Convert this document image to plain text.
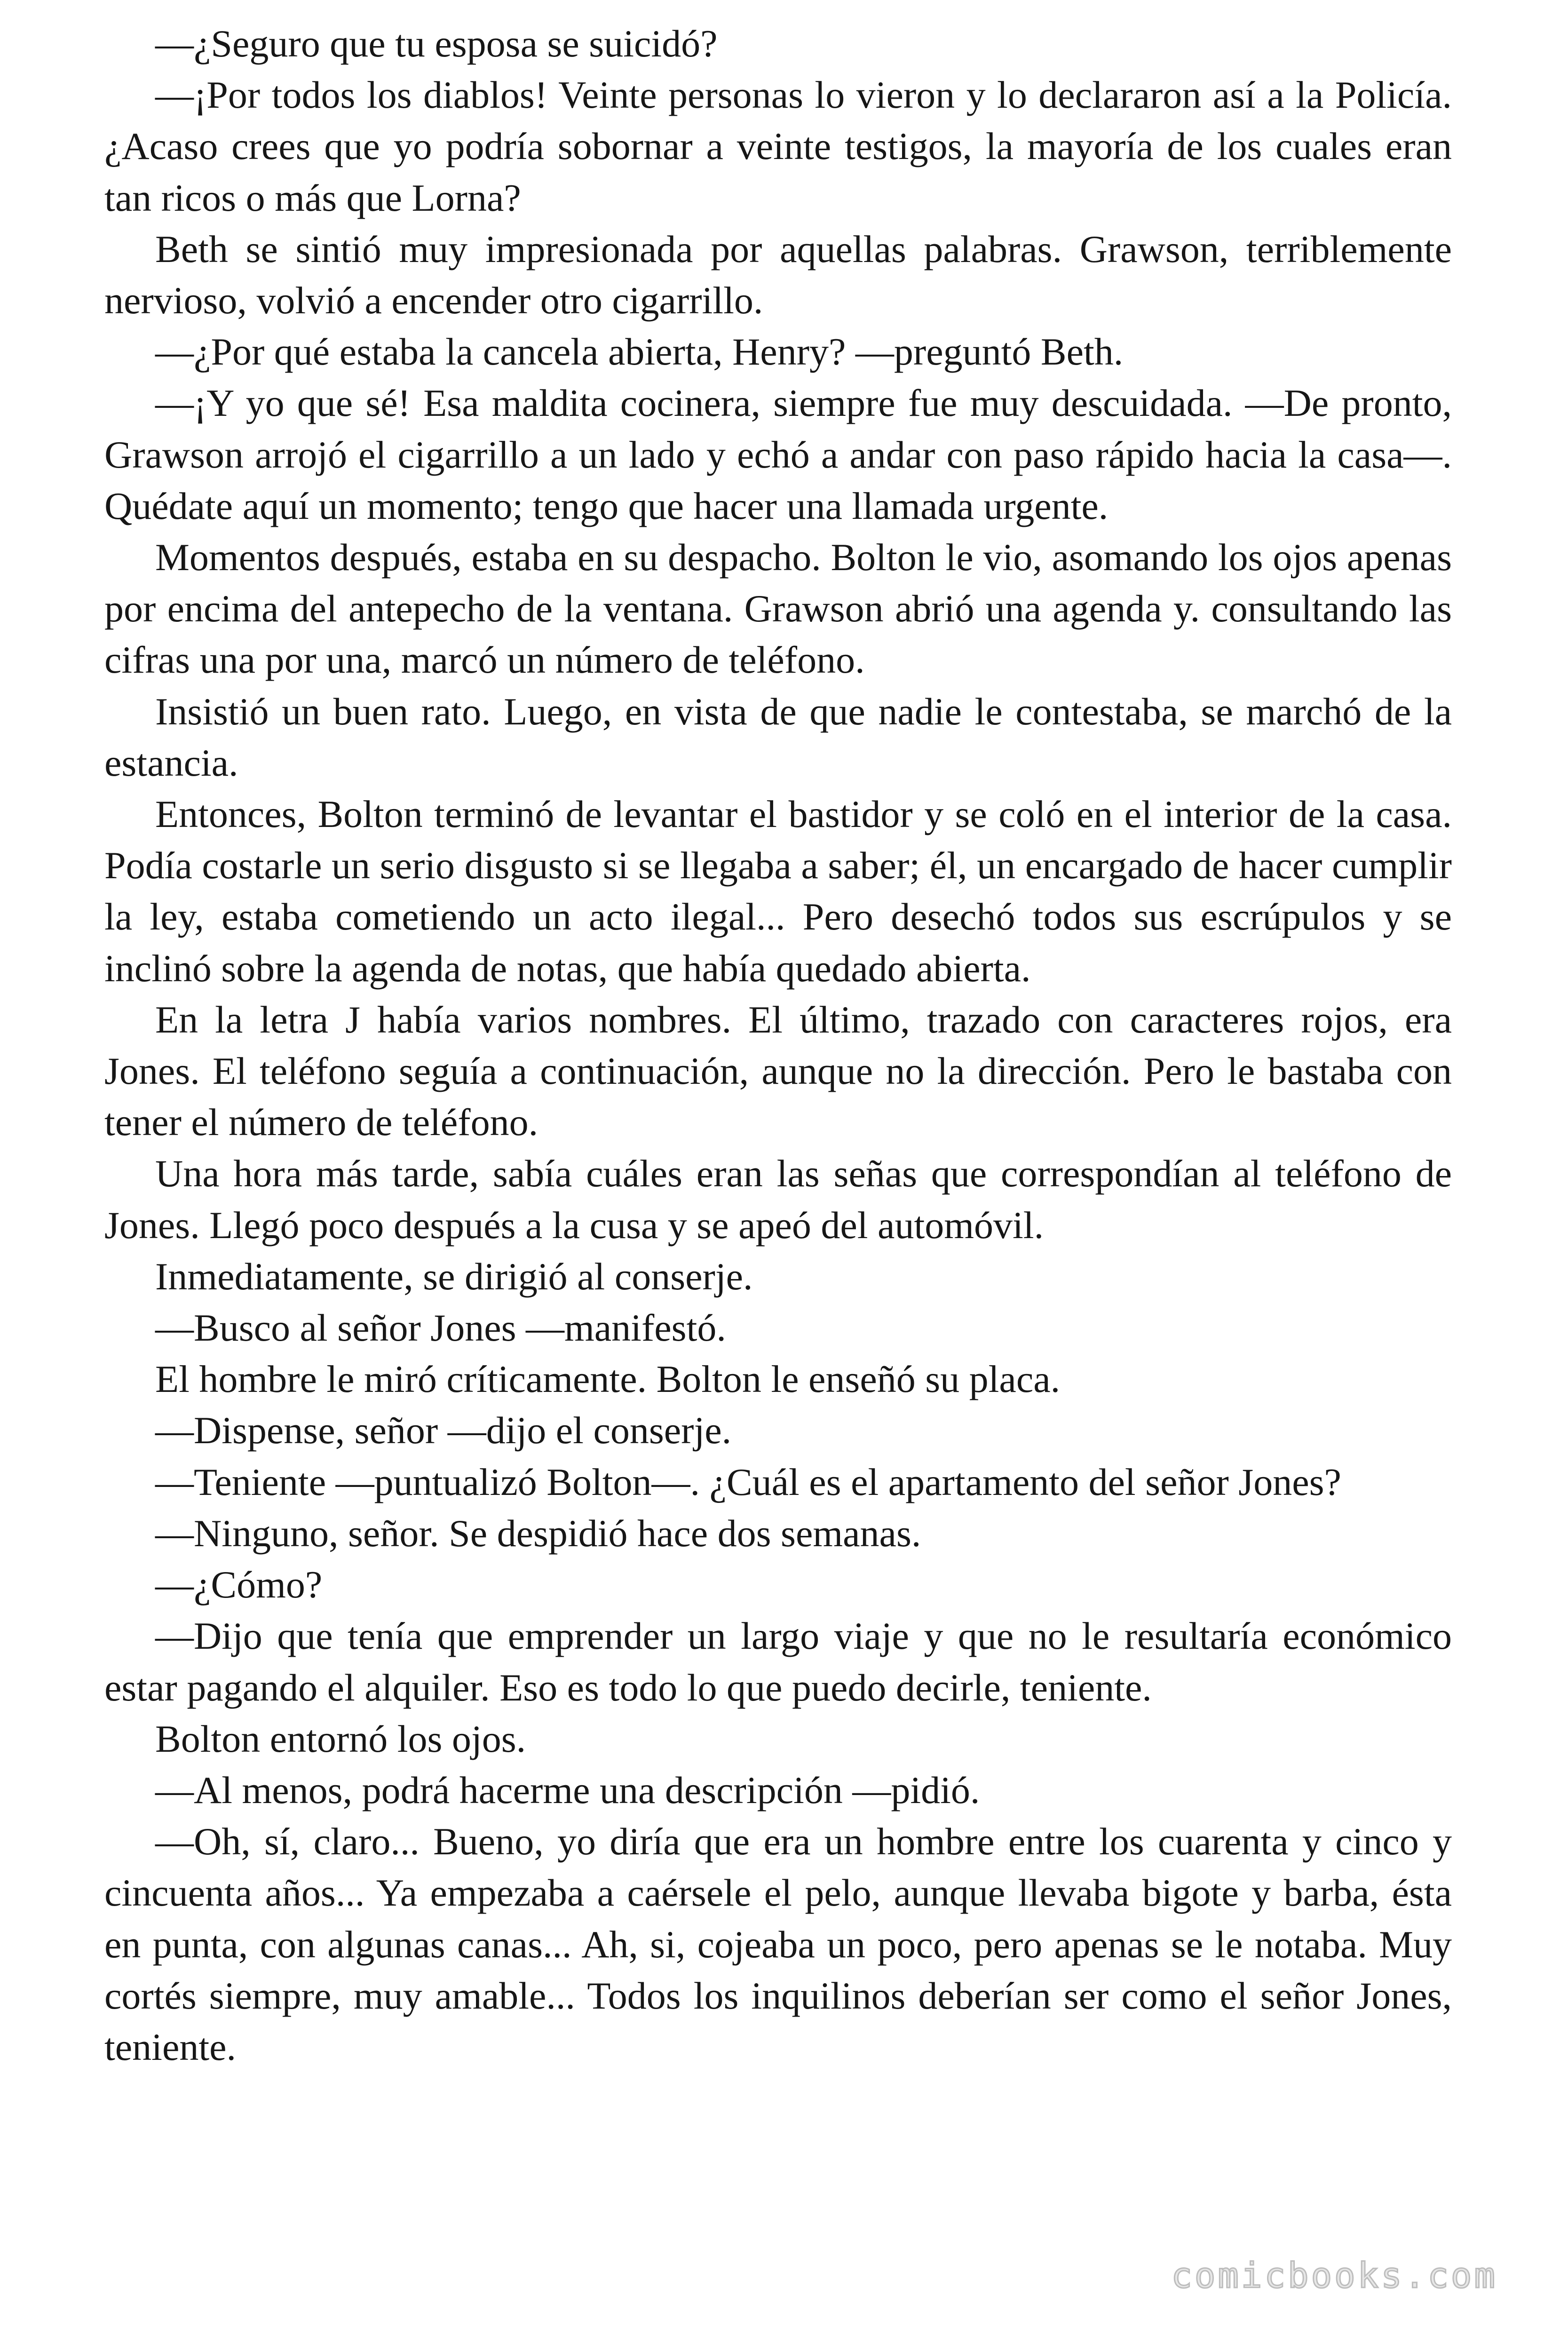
—¿Seguro que tu esposa se suicidó?

—¡Por todos los diablos! Veinte personas lo vieron y lo declararon así a la Policía. ¿Acaso crees que yo podría sobornar a veinte testigos, la mayoría de los cuales eran tan ricos o más que Lorna?

Beth se sintió muy impresionada por aquellas palabras. Grawson, terriblemente nervioso, volvió a encender otro cigarrillo.

—¿Por qué estaba la cancela abierta, Henry? —preguntó Beth.

—¡Y yo que sé! Esa maldita cocinera, siempre fue muy descuidada. —De pronto, Grawson arrojó el cigarrillo a un lado y echó a andar con paso rápido hacia la casa—. Quédate aquí un momento; tengo que hacer una llamada urgente.

Momentos después, estaba en su despacho. Bolton le vio, asomando los ojos apenas por encima del antepecho de la ventana. Grawson abrió una agenda y. consultando las cifras una por una, marcó un número de teléfono.

Insistió un buen rato. Luego, en vista de que nadie le contestaba, se marchó de la estancia.

Entonces, Bolton terminó de levantar el bastidor y se coló en el interior de la casa. Podía costarle un serio disgusto si se llegaba a saber; él, un encargado de hacer cumplir la ley, estaba cometiendo un acto ilegal... Pero desechó todos sus escrúpulos y se inclinó sobre la agenda de notas, que había quedado abierta.

En la letra J había varios nombres. El último, trazado con caracteres rojos, era Jones. El teléfono seguía a continuación, aunque no la dirección. Pero le bastaba con tener el número de teléfono.

Una hora más tarde, sabía cuáles eran las señas que correspondían al teléfono de Jones. Llegó poco después a la cusa y se apeó del automóvil.

Inmediatamente, se dirigió al conserje.

—Busco al señor Jones —manifestó.

El hombre le miró críticamente. Bolton le enseñó su placa.

—Dispense, señor —dijo el conserje.

—Teniente —puntualizó Bolton—. ¿Cuál es el apartamento del señor Jones?

—Ninguno, señor. Se despidió hace dos semanas.

—¿Cómo?

—Dijo que tenía que emprender un largo viaje y que no le resultaría económico estar pagando el alquiler. Eso es todo lo que puedo decirle, teniente.

Bolton entornó los ojos.

—Al menos, podrá hacerme una descripción —pidió.

—Oh, sí, claro... Bueno, yo diría que era un hombre entre los cuarenta y cinco y cincuenta años... Ya empezaba a caérsele el pelo, aunque llevaba bigote y barba, ésta en punta, con algunas canas... Ah, si, cojeaba un poco, pero apenas se le notaba. Muy cortés siempre, muy amable... Todos los inquilinos deberían ser como el señor Jones, teniente.

comicbooks.com
